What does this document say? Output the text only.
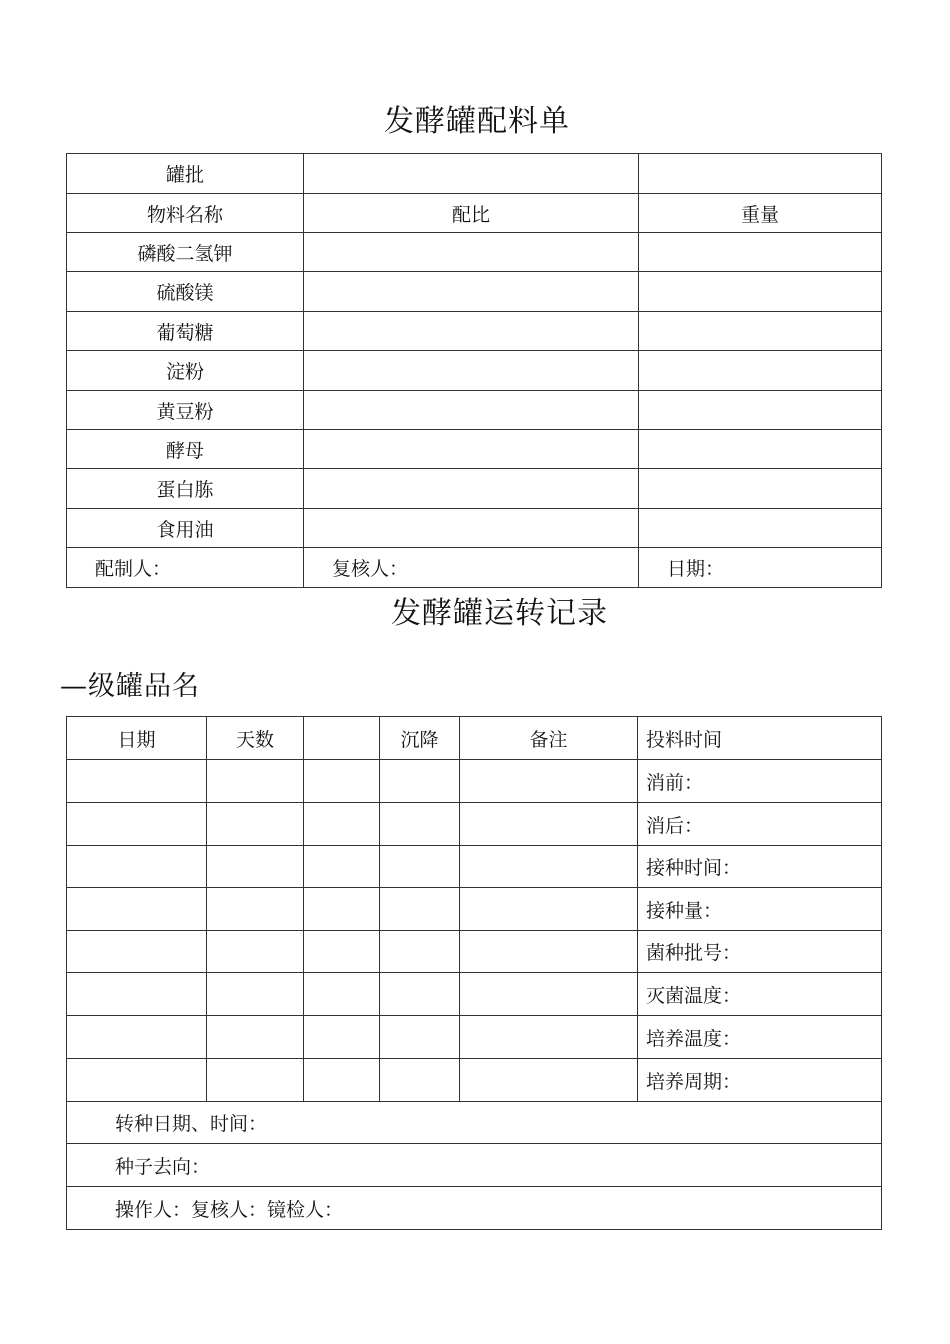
发酵罐配料单
罐批		
物料名称	配比	重量
磷酸二氢钾		
硫酸镁		
葡萄糖		
淀粉		
黄豆粉		
酵母		
蛋白胨		
食用油		
配制人：	复核人：	日期：
发酵罐运转记录
—级罐品名
日期	天数		沉降	备注	投料时间
					消前：
					消后：
					接种时间：
					接种量：
					菌种批号：
					灭菌温度：
					培养温度：
					培养周期：
转种日期、时间：					
种子去向：					
操作人：复核人：镜检人：					
